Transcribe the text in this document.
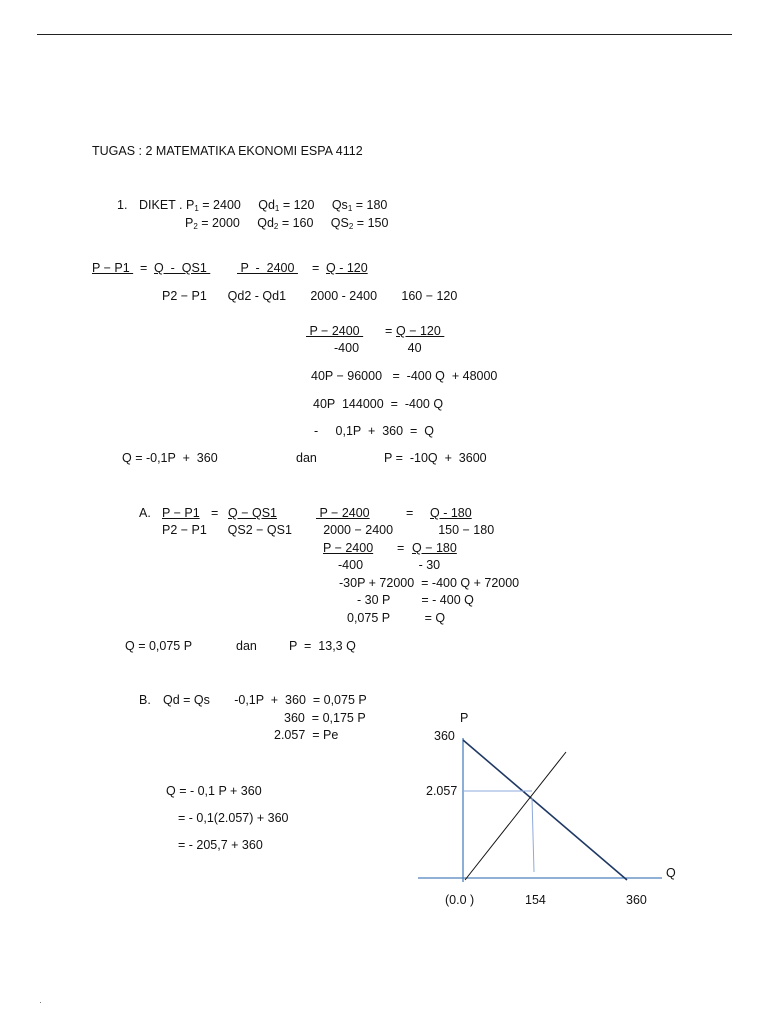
TUGAS : 2 MATEMATIKA EKONOMI ESPA 4112
1. DIKET . $P_1 = 2400$     $Qd_1 = 120$     $Qs_1 = 180$
$P_2 = 2000$     $Qd_2 = 160$     $QS_2 = 150$
P − P1 = Q  -  QS1 P  -  2400 = Q - 120
P2 − P1      Qd2 - Qd1       2000 - 2400       160 − 120
P − 2400 = Q − 120
-400              40
40P − 96000   =  -400 Q  + 48000
40P  144000  =  -400 Q
-     0,1P  +  360  =  Q
Q = -0,1P  +  360	dan	P =  -10Q  +  3600
A. P − P1 = Q − QS1	P − 2400	= Q - 180
P2 − P1      QS2 − QS1         2000 − 2400             150 − 180
P − 2400 = Q − 180
-400                - 30
-30P + 72000  = -400 Q + 72000
- 30 P         = - 400 Q
0,075 P          = Q
Q = 0,075 P	dan	P  =  13,3 Q
B. Qd = Qs       -0,1P  +  360  = 0,075 P
360  = 0,175 P
2.057  = Pe
Q = - 0,1 P + 360
= - 0,1(2.057) + 360
= - 205,7 + 360
P
Q
360
2.057
(0.0 )	154	360
